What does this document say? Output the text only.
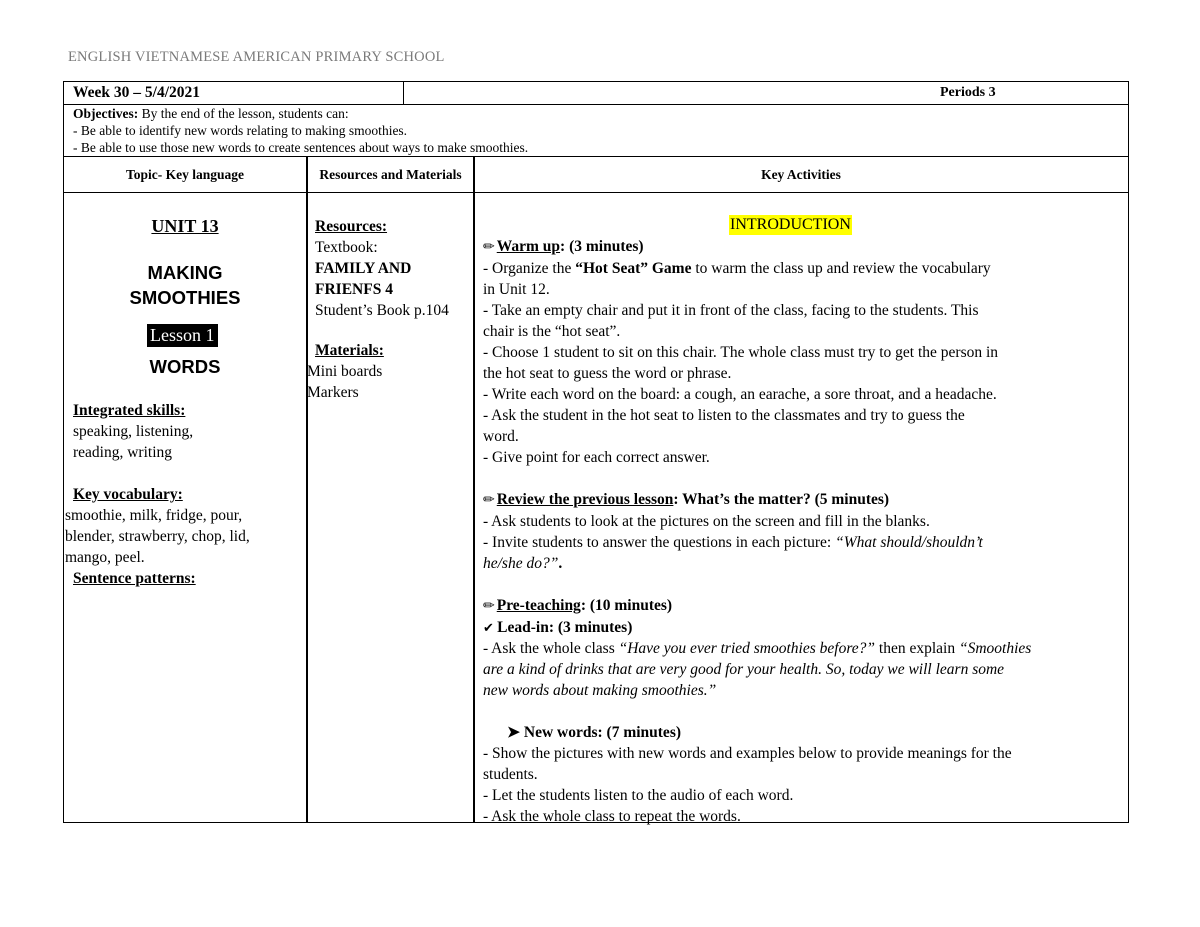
ENGLISH VIETNAMESE AMERICAN PRIMARY SCHOOL
Week 30 – 5/4/2021	Periods 3
Objectives: By the end of the lesson, students can:
- Be able to identify new words relating to making smoothies.
- Be able to use those new words to create sentences about ways to make smoothies.
Topic- Key language	Resources and Materials	Key Activities
UNIT 13
MAKING
SMOOTHIES
Lesson 1
WORDS
Integrated skills:
speaking, listening,
reading, writing
Key vocabulary:
smoothie, milk, fridge, pour,
blender, strawberry, chop, lid,
mango, peel.
Sentence patterns:
Resources:
Textbook:
FAMILY AND
FRIENFS 4
Student’s Book p.104
Materials:
Mini boards
Markers
INTRODUCTION

✏ Warm up: (3 minutes)

- Organize the “Hot Seat” Game to warm the class up and review the vocabulary

in Unit 12.

- Take an empty chair and put it in front of the class, facing to the students. This

chair is the “hot seat”.

- Choose 1 student to sit on this chair. The whole class must try to get the person in

the hot seat to guess the word or phrase.

- Write each word on the board: a cough, an earache, a sore throat, and a headache.

- Ask the student in the hot seat to listen to the classmates and try to guess the

word.

- Give point for each correct answer.

✏ Review the previous lesson: What’s the matter? (5 minutes)

- Ask students to look at the pictures on the screen and fill in the blanks.

- Invite students to answer the questions in each picture: “What should/shouldn’t

he/she do?”.

✏ Pre-teaching: (10 minutes)

✔ Lead-in: (3 minutes)

- Ask the whole class “Have you ever tried smoothies before?” then explain “Smoothies

are a kind of drinks that are very good for your health. So, today we will learn some

new words about making smoothies.”

➤ New words: (7 minutes)

- Show the pictures with new words and examples below to provide meanings for the

students.

- Let the students listen to the audio of each word.

- Ask the whole class to repeat the words.
